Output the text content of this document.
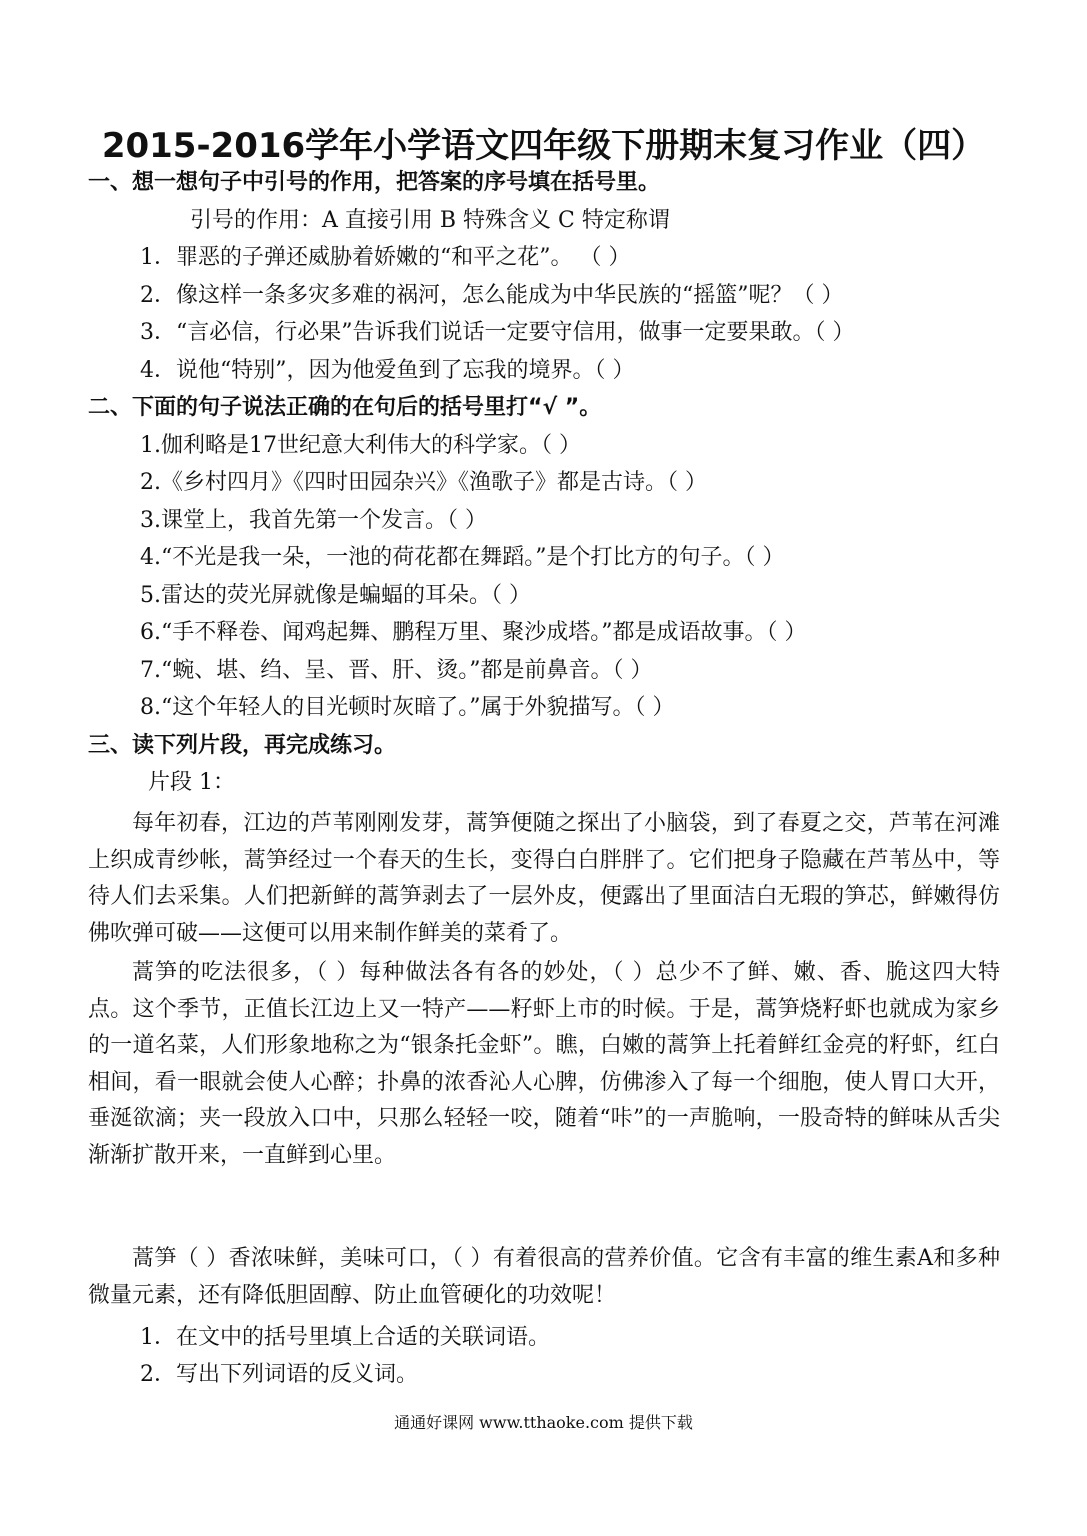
2015-2016学年小学语文四年级下册期末复习作业（四）
一、想一想句子中引号的作用，把答案的序号填在括号里。
引号的作用：A 直接引用 B 特殊含义 C 特定称谓
1．罪恶的子弹还威胁着娇嫩的“和平之花”。 （ ）
2．像这样一条多灾多难的祸河，怎么能成为中华民族的“摇篮”呢？（ ）
3．“言必信，行必果”告诉我们说话一定要守信用，做事一定要果敢。（ ）
4．说他“特别”，因为他爱鱼到了忘我的境界。（ ）
二、下面的句子说法正确的在句后的括号里打“√ ”。
1.伽利略是17世纪意大利伟大的科学家。（ ）
2.《乡村四月》《四时田园杂兴》《渔歌子》都是古诗。（ ）
3.课堂上，我首先第一个发言。（ ）
4.“不光是我一朵，一池的荷花都在舞蹈。”是个打比方的句子。（ ）
5.雷达的荧光屏就像是蝙蝠的耳朵。（ ）
6.“手不释卷、闻鸡起舞、鹏程万里、聚沙成塔。”都是成语故事。（ ）
7.“蜿、堪、绉、呈、晋、肝、烫。”都是前鼻音。（ ）
8.“这个年轻人的目光顿时灰暗了。”属于外貌描写。（ ）
三、读下列片段，再完成练习。
片段 1：
每年初春，江边的芦苇刚刚发芽，蒿笋便随之探出了小脑袋，到了春夏之交，芦苇在河滩上织成青纱帐，蒿笋经过一个春天的生长，变得白白胖胖了。它们把身子隐藏在芦苇丛中，等待人们去采集。人们把新鲜的蒿笋剥去了一层外皮，便露出了里面洁白无瑕的笋芯，鲜嫩得仿佛吹弹可破——这便可以用来制作鲜美的菜肴了。
蒿笋的吃法很多，（ ）每种做法各有各的妙处，（ ）总少不了鲜、嫩、香、脆这四大特点。这个季节，正值长江边上又一特产——籽虾上市的时候。于是，蒿笋烧籽虾也就成为家乡的一道名菜，人们形象地称之为“银条托金虾”。瞧，白嫩的蒿笋上托着鲜红金亮的籽虾，红白相间，看一眼就会使人心醉；扑鼻的浓香沁人心脾，仿佛渗入了每一个细胞，使人胃口大开，垂涎欲滴；夹一段放入口中，只那么轻轻一咬，随着“咔”的一声脆响，一股奇特的鲜味从舌尖渐渐扩散开来，一直鲜到心里。
蒿笋（ ）香浓味鲜，美味可口，（ ）有着很高的营养价值。它含有丰富的维生素A和多种微量元素，还有降低胆固醇、防止血管硬化的功效呢！
1．在文中的括号里填上合适的关联词语。
2．写出下列词语的反义词。
通通好课网 www.tthaoke.com 提供下载
